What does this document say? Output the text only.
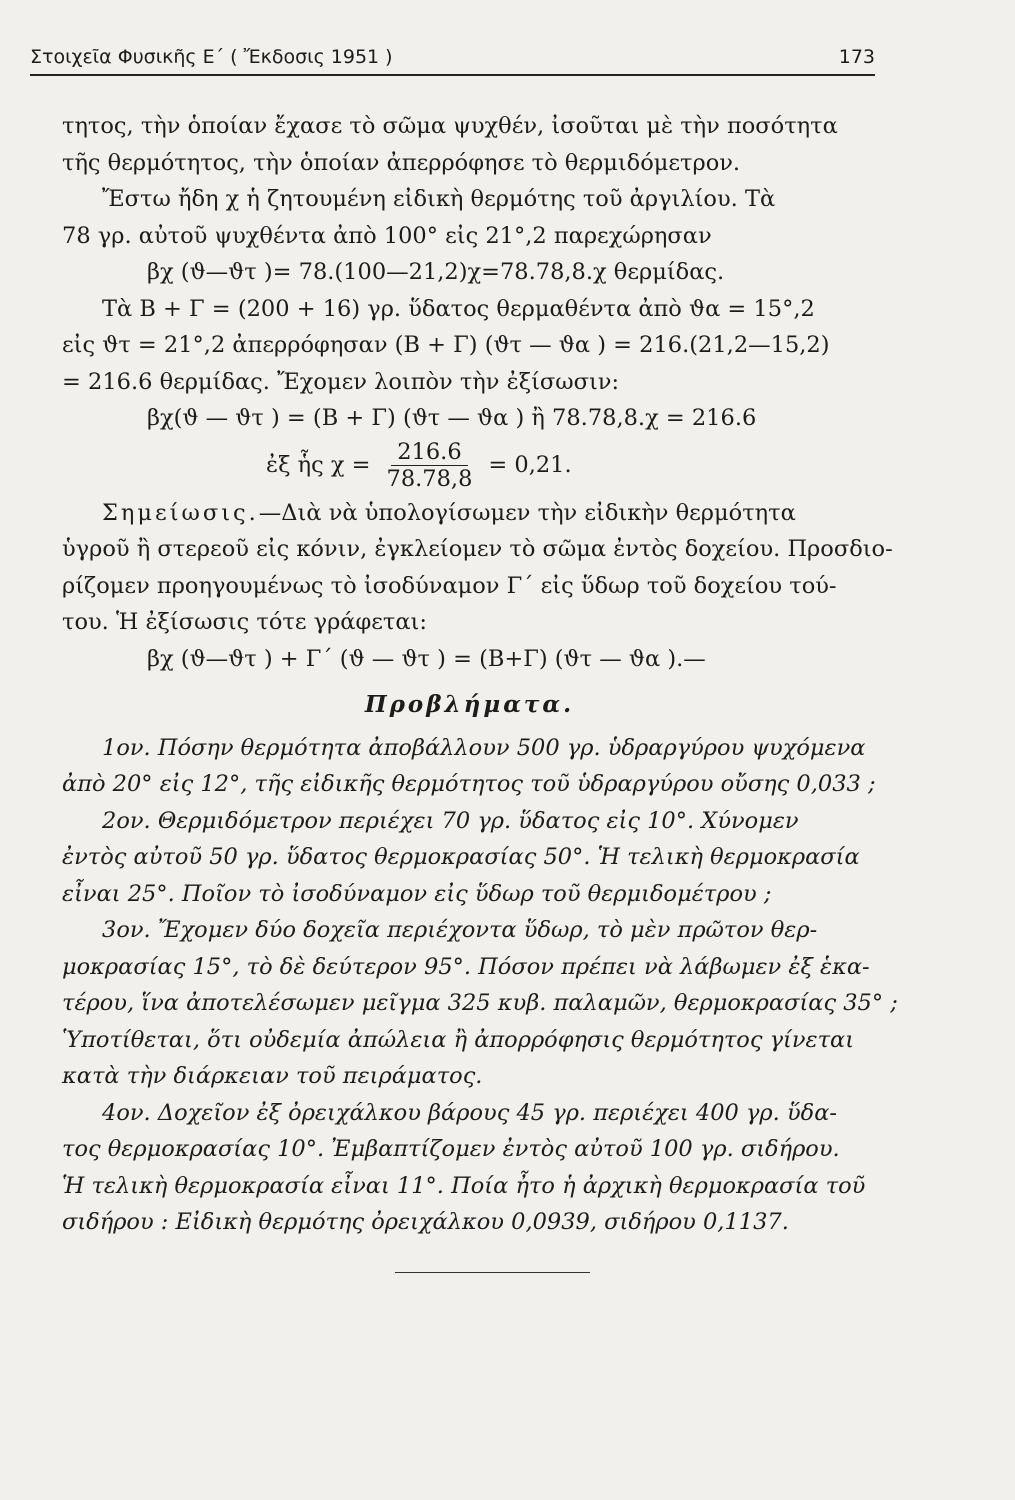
Στοιχεῖα Φυσικῆς Ε΄ ( Ἔκδοσις 1951 )	173
τητος, τὴν ὁποίαν ἔχασε τὸ σῶμα ψυχθέν, ἰσοῦται μὲ τὴν ποσότητα
τῆς θερμότητος, τὴν ὁποίαν ἀπερρόφησε τὸ θερμιδόμετρον.
Ἔστω ἤδη χ ἡ ζητουμένη εἰδικὴ θερμότης τοῦ ἀργιλίου. Τὰ
78 γρ. αὐτοῦ ψυχθέντα ἀπὸ 100° εἰς 21°,2 παρεχώρησαν
βχ (ϑ—ϑτ )= 78.(100—21,2)χ=78.78,8.χ θερμίδας.
Τὰ Β + Γ = (200 + 16) γρ. ὕδατος θερμαθέντα ἀπὸ ϑα = 15°,2
εἰς ϑτ = 21°,2 ἀπερρόφησαν (Β + Γ) (ϑτ — ϑα ) = 216.(21,2—15,2)
= 216.6 θερμίδας. Ἔχομεν λοιπὸν τὴν ἐξίσωσιν:
βχ(ϑ — ϑτ ) = (Β + Γ) (ϑτ — ϑα ) ἢ 78.78,8.χ = 216.6
ἐξ ἧς $\chi = \frac{216.6}{78.78,8} = 0,21$.
Σημείωσις.—Διὰ νὰ ὑπολογίσωμεν τὴν εἰδικὴν θερμότητα
ὑγροῦ ἢ στερεοῦ εἰς κόνιν, ἐγκλείομεν τὸ σῶμα ἐντὸς δοχείου. Προσδιο-
ρίζομεν προηγουμένως τὸ ἰσοδύναμον Γ΄ εἰς ὕδωρ τοῦ δοχείου τού-
του. Ἡ ἐξίσωσις τότε γράφεται:
βχ (ϑ—ϑτ ) + Γ΄ (ϑ — ϑτ ) = (Β+Γ) (ϑτ — ϑα ).—
Προβλήματα.
1ον. Πόσην θερμότητα ἀποβάλλουν 500 γρ. ὑδραργύρου ψυχόμενα
ἀπὸ 20° εἰς 12°, τῆς εἰδικῆς θερμότητος τοῦ ὑδραργύρου οὔσης 0,033 ;
2ον. Θερμιδόμετρον περιέχει 70 γρ. ὕδατος εἰς 10°. Χύνομεν
ἐντὸς αὐτοῦ 50 γρ. ὕδατος θερμοκρασίας 50°. Ἡ τελικὴ θερμοκρασία
εἶναι 25°. Ποῖον τὸ ἰσοδύναμον εἰς ὕδωρ τοῦ θερμιδομέτρου ;
3ον. Ἔχομεν δύο δοχεῖα περιέχοντα ὕδωρ, τὸ μὲν πρῶτον θερ-
μοκρασίας 15°, τὸ δὲ δεύτερον 95°. Πόσον πρέπει νὰ λάβωμεν ἐξ ἑκα-
τέρου, ἵνα ἀποτελέσωμεν μεῖγμα 325 κυβ. παλαμῶν, θερμοκρασίας 35° ;
Ὑποτίθεται, ὅτι οὐδεμία ἀπώλεια ἢ ἀπορρόφησις θερμότητος γίνεται
κατὰ τὴν διάρκειαν τοῦ πειράματος.
4ον. Δοχεῖον ἐξ ὀρειχάλκου βάρους 45 γρ. περιέχει 400 γρ. ὕδα-
τος θερμοκρασίας 10°. Ἐμβαπτίζομεν ἐντὸς αὐτοῦ 100 γρ. σιδήρου.
Ἡ τελικὴ θερμοκρασία εἶναι 11°. Ποία ἦτο ἡ ἀρχικὴ θερμοκρασία τοῦ
σιδήρου : Εἰδικὴ θερμότης ὀρειχάλκου 0,0939, σιδήρου 0,1137.
